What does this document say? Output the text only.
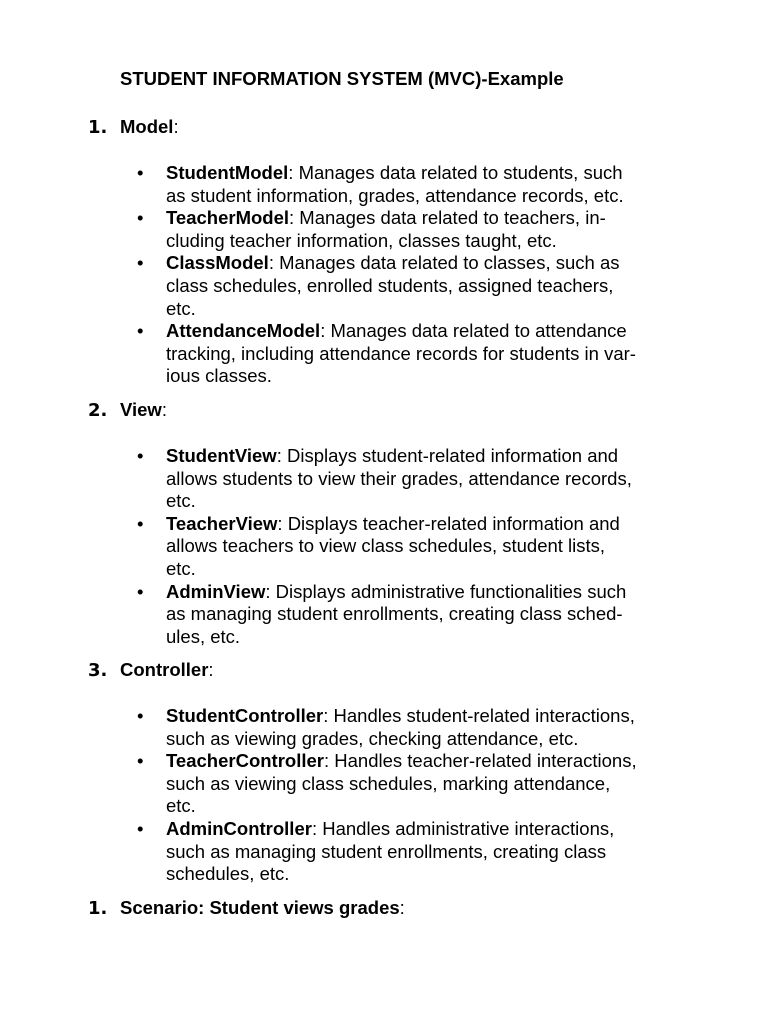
STUDENT INFORMATION SYSTEM (MVC)-Example
1. Model:
• StudentModel: Manages data related to students, such
as student information, grades, attendance records, etc.
• TeacherModel: Manages data related to teachers, in-
cluding teacher information, classes taught, etc.
• ClassModel: Manages data related to classes, such as
class schedules, enrolled students, assigned teachers,
etc.
• AttendanceModel: Manages data related to attendance
tracking, including attendance records for students in var-
ious classes.
2. View:
• StudentView: Displays student-related information and
allows students to view their grades, attendance records,
etc.
• TeacherView: Displays teacher-related information and
allows teachers to view class schedules, student lists,
etc.
• AdminView: Displays administrative functionalities such
as managing student enrollments, creating class sched-
ules, etc.
3. Controller:
• StudentController: Handles student-related interactions,
such as viewing grades, checking attendance, etc.
• TeacherController: Handles teacher-related interactions,
such as viewing class schedules, marking attendance,
etc.
• AdminController: Handles administrative interactions,
such as managing student enrollments, creating class
schedules, etc.
1. Scenario: Student views grades:
